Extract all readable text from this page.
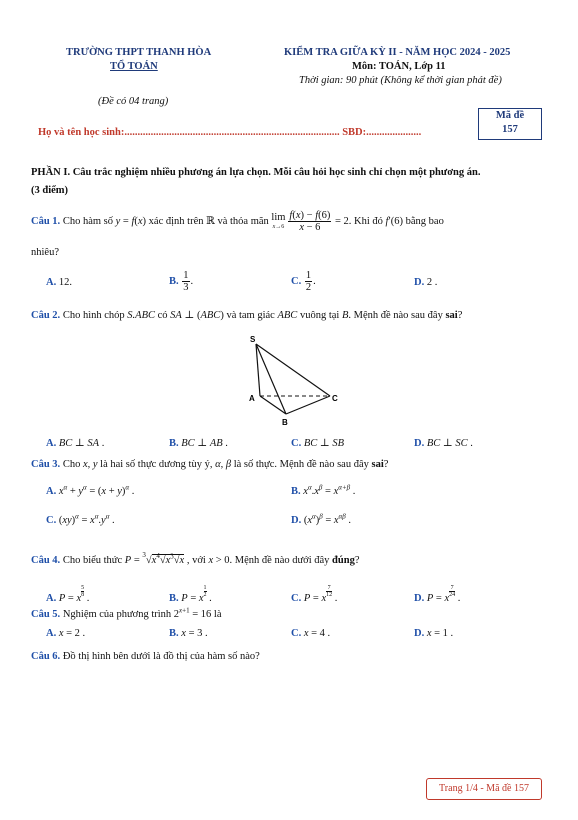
TRƯỜNG THPT THANH HÒA
TỔ TOÁN
KIỂM TRA GIỮA KỲ II - NĂM HỌC 2024 - 2025
Môn: TOÁN, Lớp 11
Thời gian: 90 phút (Không kể thời gian phát đề)
(Đề có 04 trang)
Mã đề
157
Họ và tên học sinh:.................................................................................. SBD:.....................
PHẦN I. Câu trắc nghiệm nhiều phương án lựa chọn. Mỗi câu hỏi học sinh chỉ chọn một phương án.
(3 điểm)
Câu 1. Cho hàm số y = f(x) xác định trên ℝ và thỏa mãn lim
$x\to 6 \frac{f(x) - f(6)}{x - 6} = 2$. Khi đó f′(6) bằng bao
nhiêu?
A. 12.	B. $\frac{1}{3}$ .	C. $\frac{1}{2}$ .	D. 2 .
Câu 2. Cho hình chóp S.ABC có SA ⊥ (ABC) và tam giác ABC vuông tại B. Mệnh đề nào sau đây sai?
S
A
B
C
A. BC ⊥ SA .	B. BC ⊥ AB .	C. BC ⊥ SB	D. BC ⊥ SC .
Câu 3. Cho x, y là hai số thực dương tùy ý, α, β là số thực. Mệnh đề nào sau đây sai?
A. $x^\alpha + y^\alpha = (x + y)^\alpha$ .	B. $x^\alpha.x^\beta = x^{\alpha+\beta}$ .
C. $(xy)^\alpha = x^\alpha.y^\alpha$ .	D. $(x^\alpha)^\beta = x^{\alpha\beta}$ .
Câu 4. Cho biểu thức $P = ^3√x^4√x^3√x$ , với x > 0. Mệnh đề nào dưới đây đúng?
A. P = x
$\frac{5}{8}$
.	B. P = x
$\frac{1}{2}$
.	C. P = x
$\frac{7}{12}$
.	D. P = x
$\frac{7}{24}$
.
Câu 5. Nghiệm của phương trình $2^{x+1} = 16$ là
A. x = 2 .	B. x = 3 .	C. x = 4 .	D. x = 1 .
Câu 6. Đồ thị hình bên dưới là đồ thị của hàm số nào?
Trang 1/4 - Mã đề 157
